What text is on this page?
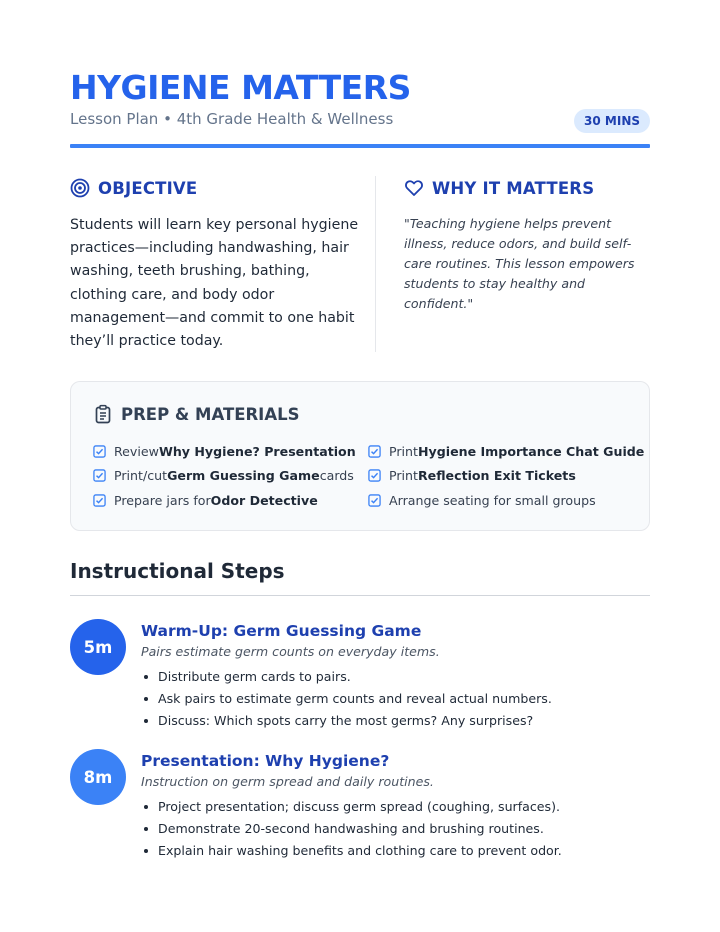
HYGIENE MATTERS
Lesson Plan • 4th Grade Health & Wellness	30 MINS
OBJECTIVE
Students will learn key personal hygiene practices—including handwashing, hair washing, teeth brushing, bathing, clothing care, and body odor management—and commit to one habit they’ll practice today.
WHY IT MATTERS
"Teaching hygiene helps prevent illness, reduce odors, and build self-care routines. This lesson empowers students to stay healthy and confident."
PREP & MATERIALS
Review Why Hygiene? Presentation	Print Hygiene Importance Chat Guide
Print/cut Germ Guessing Game cards	Print Reflection Exit Tickets
Prepare jars for Odor Detective	Arrange seating for small groups
Instructional Steps
5m
Warm-Up: Germ Guessing Game
Pairs estimate germ counts on everyday items.
Distribute germ cards to pairs.
Ask pairs to estimate germ counts and reveal actual numbers.
Discuss: Which spots carry the most germs? Any surprises?
8m
Presentation: Why Hygiene?
Instruction on germ spread and daily routines.
Project presentation; discuss germ spread (coughing, surfaces).
Demonstrate 20-second handwashing and brushing routines.
Explain hair washing benefits and clothing care to prevent odor.
